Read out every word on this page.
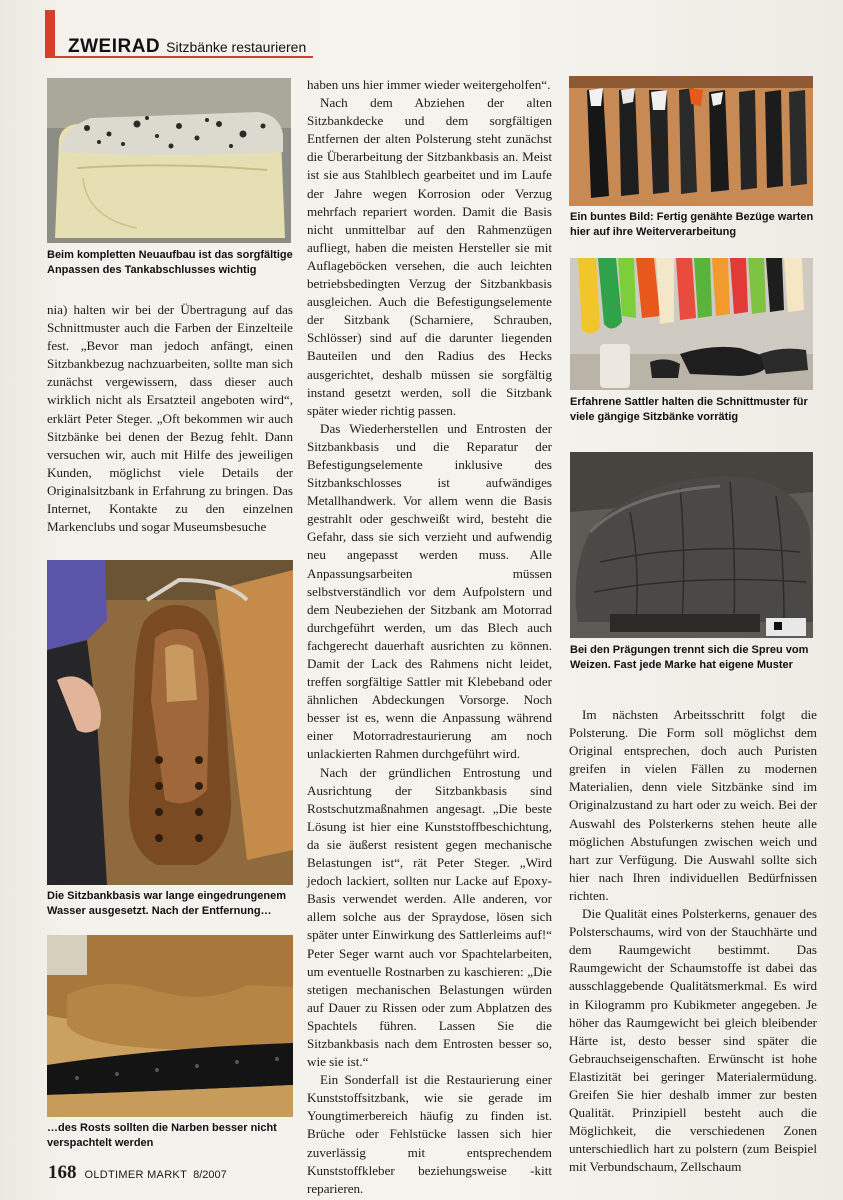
ZWEIRAD Sitzbänke restaurieren
Beim kompletten Neuaufbau ist das sorgfältige Anpassen des Tankabschlusses wichtig

nia) halten wir bei der Übertragung auf das Schnittmuster auch die Farben der Einzelteile fest. „Bevor man jedoch anfängt, einen Sitzbankbezug nachzuarbeiten, sollte man sich zunächst vergewissern, dass dieser auch wirklich nicht als Ersatzteil angeboten wird“, erklärt Peter Steger. „Oft bekommen wir auch Sitzbänke bei denen der Bezug fehlt. Dann versuchen wir, auch mit Hilfe des jeweiligen Kunden, möglichst viele Details der Originalsitzbank in Erfahrung zu bringen. Das Internet, Kontakte zu den einzelnen Markenclubs und sogar Museumsbesuche

Die Sitzbankbasis war lange eingedrungenem Wasser ausgesetzt. Nach der Entfernung…
…des Rosts sollten die Narben besser nicht verspachtelt werden

haben uns hier immer wieder weitergeholfen“.

Nach dem Abziehen der alten Sitzbankdecke und dem sorgfältigen Entfernen der alten Polsterung steht zunächst die Überarbeitung der Sitzbankbasis an. Meist ist sie aus Stahlblech gearbeitet und im Laufe der Jahre wegen Korrosion oder Verzug mehrfach repariert worden. Damit die Basis nicht unmittelbar auf den Rahmenzügen aufliegt, haben die meisten Hersteller sie mit Auflageböcken versehen, die auch leichten betriebsbedingten Verzug der Sitzbankbasis ausgleichen. Auch die Befestigungselemente der Sitzbank (Scharniere, Schrauben, Schlösser) sind auf die darunter liegenden Bauteilen und den Radius des Hecks ausgerichtet, deshalb müssen sie sorgfältig instand gesetzt werden, soll die Sitzbank später wieder richtig passen.

Das Wiederherstellen und Entrosten der Sitzbankbasis und die Reparatur der Befestigungselemente inklusive des Sitzbankschlosses ist aufwändiges Metallhandwerk. Vor allem wenn die Basis gestrahlt oder geschweißt wird, besteht die Gefahr, dass sie sich verzieht und aufwendig neu angepasst werden muss. Alle Anpassungsarbeiten müssen selbstverständlich vor dem Aufpolstern und dem Neubeziehen der Sitzbank am Motorrad durchgeführt werden, um das Blech auch fachgerecht dauerhaft ausrichten zu können. Damit der Lack des Rahmens nicht leidet, treffen sorgfältige Sattler mit Klebeband oder ähnlichen Abdeckungen Vorsorge. Noch besser ist es, wenn die Anpassung während einer Motorradrestaurierung am noch unlackierten Rahmen durchgeführt wird.

Nach der gründlichen Entrostung und Ausrichtung der Sitzbankbasis sind Rostschutzmaßnahmen angesagt. „Die beste Lösung ist hier eine Kunststoffbeschichtung, da sie äußerst resistent gegen mechanische Belastungen ist“, rät Peter Steger. „Wird jedoch lackiert, sollten nur Lacke auf Epoxy-Basis verwendet werden. Alle anderen, vor allem solche aus der Spraydose, lösen sich später unter Einwirkung des Sattlerleims auf!“ Peter Seger warnt auch vor Spachtelarbeiten, um eventuelle Rostnarben zu kaschieren: „Die stetigen mechanischen Belastungen würden auf Dauer zu Rissen oder zum Abplatzen des Spachtels führen. Lassen Sie die Sitzbankbasis nach dem Entrosten besser so, wie sie ist.“

Ein Sonderfall ist die Restaurierung einer Kunststoffsitzbank, wie sie gerade im Youngtimerbereich häufig zu finden ist. Brüche oder Fehlstücke lassen sich hier zuverlässig mit entsprechendem Kunststoffkleber beziehungsweise -kitt reparieren.

Ein buntes Bild: Fertig genähte Bezüge warten hier auf ihre Weiterverarbeitung
Erfahrene Sattler halten die Schnittmuster für viele gängige Sitzbänke vorrätig
Bei den Prägungen trennt sich die Spreu vom Weizen. Fast jede Marke hat eigene Muster

Im nächsten Arbeitsschritt folgt die Polsterung. Die Form soll möglichst dem Original entsprechen, doch auch Puristen greifen in vielen Fällen zu modernen Materialien, denn viele Sitzbänke sind im Originalzustand zu hart oder zu weich. Bei der Auswahl des Polsterkerns stehen heute alle möglichen Abstufungen zwischen weich und hart zur Verfügung. Die Auswahl sollte sich hier nach Ihren individuellen Bedürfnissen richten.

Die Qualität eines Polsterkerns, genauer des Polsterschaums, wird von der Stauchhärte und dem Raumgewicht bestimmt. Das Raumgewicht der Schaumstoffe ist dabei das ausschlaggebende Qualitätsmerkmal. Es wird in Kilogramm pro Kubikmeter angegeben. Je höher das Raumgewicht bei gleich bleibender Härte ist, desto besser sind später die Gebrauchseigenschaften. Erwünscht ist hohe Elastizität bei geringer Materialermüdung. Greifen Sie hier deshalb immer zur besten Qualität. Prinzipiell besteht auch die Möglichkeit, die verschiedenen Zonen unterschiedlich hart zu polstern (zum Beispiel mit Verbundschaum, Zellschaum

168 OLDTIMER MARKT 8/2007
